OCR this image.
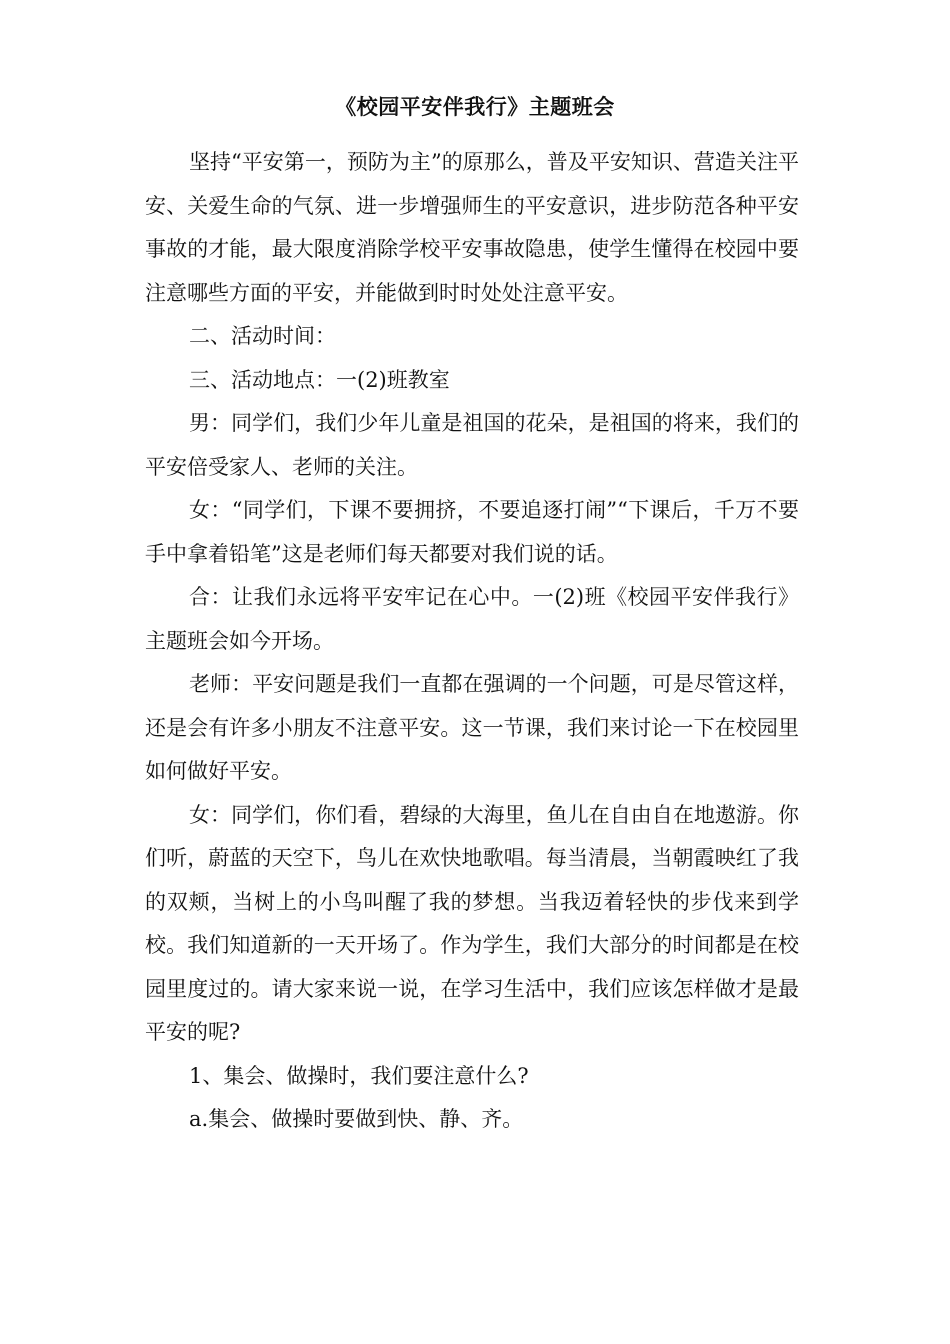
《校园平安伴我行》主题班会

坚持“平安第一，预防为主”的原那么，普及平安知识、营造关注平安、关爱生命的气氛、进一步增强师生的平安意识，进步防范各种平安事故的才能，最大限度消除学校平安事故隐患，使学生懂得在校园中要注意哪些方面的平安，并能做到时时处处注意平安。

二、活动时间：

三、活动地点：一(2)班教室

男：同学们，我们少年儿童是祖国的花朵，是祖国的将来，我们的平安倍受家人、老师的关注。

女：“同学们，下课不要拥挤，不要追逐打闹”“下课后，千万不要手中拿着铅笔”这是老师们每天都要对我们说的话。

合：让我们永远将平安牢记在心中。一(2)班《校园平安伴我行》主题班会如今开场。

老师：平安问题是我们一直都在强调的一个问题，可是尽管这样，还是会有许多小朋友不注意平安。这一节课，我们来讨论一下在校园里如何做好平安。

女：同学们，你们看，碧绿的大海里，鱼儿在自由自在地遨游。你们听，蔚蓝的天空下，鸟儿在欢快地歌唱。每当清晨，当朝霞映红了我的双颊，当树上的小鸟叫醒了我的梦想。当我迈着轻快的步伐来到学校。我们知道新的一天开场了。作为学生，我们大部分的时间都是在校园里度过的。请大家来说一说，在学习生活中，我们应该怎样做才是最平安的呢?

1、集会、做操时，我们要注意什么?

a.集会、做操时要做到快、静、齐。
